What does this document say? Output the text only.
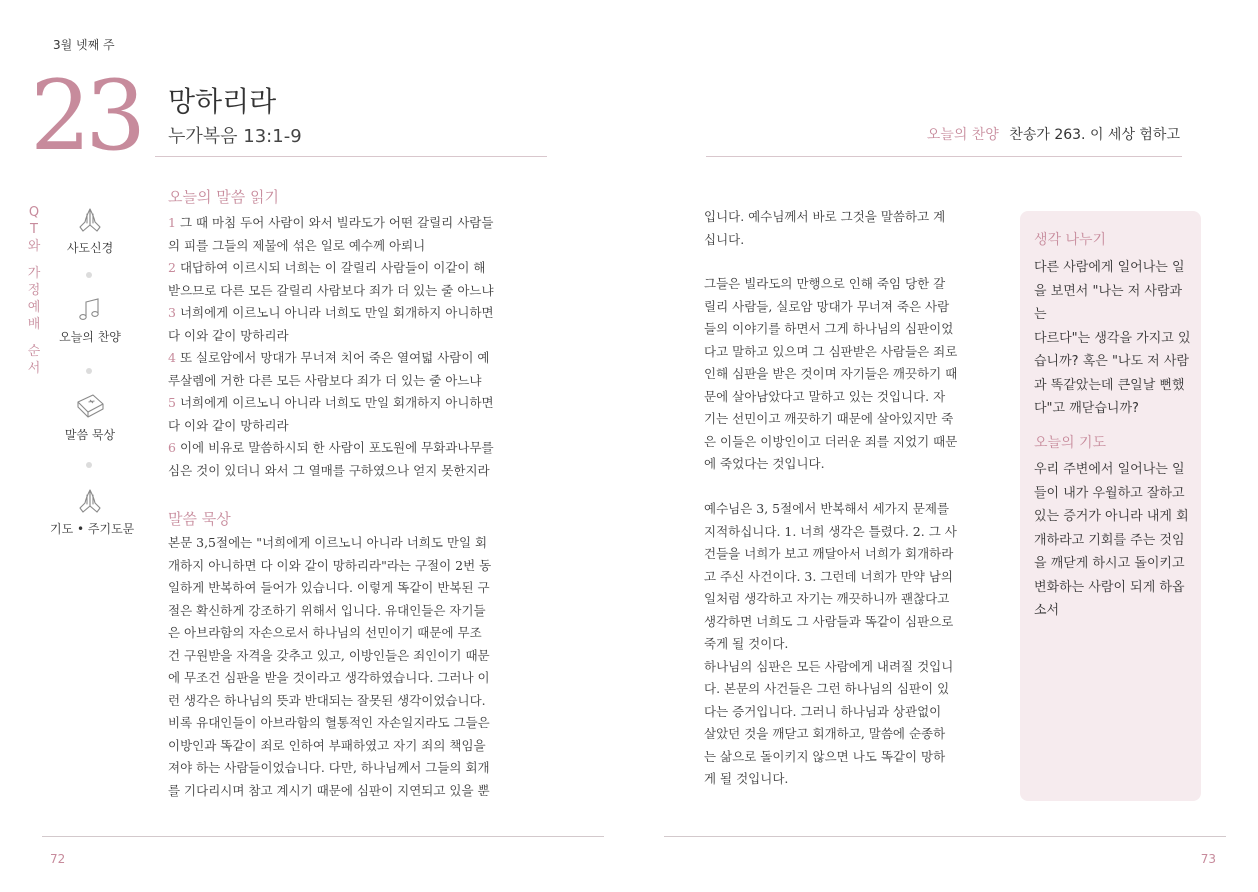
3월 넷째 주
23 망하리라
누가복음 13:1-9	오늘의 찬양 찬송가 263. 이 세상 험하고
Q
T
와
가
정
예
배
순
서
사도신경
오늘의 찬양
말씀 묵상
기도 • 주기도문
오늘의 말씀 읽기
1 그 때 마침 두어 사람이 와서 빌라도가 어떤 갈릴리 사람들
의 피를 그들의 제물에 섞은 일로 예수께 아뢰니
2 대답하여 이르시되 너희는 이 갈릴리 사람들이 이같이 해
받으므로 다른 모든 갈릴리 사람보다 죄가 더 있는 줄 아느냐
3 너희에게 이르노니 아니라 너희도 만일 회개하지 아니하면
다 이와 같이 망하리라
4 또 실로암에서 망대가 무너져 치어 죽은 열여덟 사람이 예
루살렘에 거한 다른 모든 사람보다 죄가 더 있는 줄 아느냐
5 너희에게 이르노니 아니라 너희도 만일 회개하지 아니하면
다 이와 같이 망하리라
6 이에 비유로 말씀하시되 한 사람이 포도원에 무화과나무를
심은 것이 있더니 와서 그 열매를 구하였으나 얻지 못한지라
말씀 묵상
본문 3,5절에는 "너희에게 이르노니 아니라 너희도 만일 회
개하지 아니하면 다 이와 같이 망하리라"라는 구절이 2번 동
일하게 반복하여 들어가 있습니다. 이렇게 똑같이 반복된 구
절은 확신하게 강조하기 위해서 입니다. 유대인들은 자기들
은 아브라함의 자손으로서 하나님의 선민이기 때문에 무조
건 구원받을 자격을 갖추고 있고, 이방인들은 죄인이기 때문
에 무조건 심판을 받을 것이라고 생각하였습니다. 그러나 이
런 생각은 하나님의 뜻과 반대되는 잘못된 생각이었습니다.
비록 유대인들이 아브라함의 혈통적인 자손일지라도 그들은
이방인과 똑같이 죄로 인하여 부패하였고 자기 죄의 책임을
져야 하는 사람들이었습니다. 다만, 하나님께서 그들의 회개
를 기다리시며 참고 계시기 때문에 심판이 지연되고 있을 뿐
입니다. 예수님께서 바로 그것을 말씀하고 계
십니다.
그들은 빌라도의 만행으로 인해 죽임 당한 갈
릴리 사람들, 실로암 망대가 무너져 죽은 사람
들의 이야기를 하면서 그게 하나님의 심판이었
다고 말하고 있으며 그 심판받은 사람들은 죄로
인해 심판을 받은 것이며 자기들은 깨끗하기 때
문에 살아남았다고 말하고 있는 것입니다. 자
기는 선민이고 깨끗하기 때문에 살아있지만 죽
은 이들은 이방인이고 더러운 죄를 지었기 때문
에 죽었다는 것입니다.
예수님은 3, 5절에서 반복해서 세가지 문제를
지적하십니다. 1. 너희 생각은 틀렸다. 2. 그 사
건들을 너희가 보고 깨달아서 너희가 회개하라
고 주신 사건이다. 3. 그런데 너희가 만약 남의
일처럼 생각하고 자기는 깨끗하니까 괜찮다고
생각하면 너희도 그 사람들과 똑같이 심판으로
죽게 될 것이다.
하나님의 심판은 모든 사람에게 내려질 것입니
다. 본문의 사건들은 그런 하나님의 심판이 있
다는 증거입니다. 그러니 하나님과 상관없이
살았던 것을 깨닫고 회개하고, 말씀에 순종하
는 삶으로 돌이키지 않으면 나도 똑같이 망하
게 될 것입니다.
생각 나누기
다른 사람에게 일어나는 일
을 보면서 "나는 저 사람과는
다르다"는 생각을 가지고 있
습니까? 혹은 "나도 저 사람
과 똑같았는데 큰일날 뻔했
다"고 깨닫습니까?
오늘의 기도
우리 주변에서 일어나는 일
들이 내가 우월하고 잘하고
있는 증거가 아니라 내게 회
개하라고 기회를 주는 것임
을 깨닫게 하시고 돌이키고
변화하는 사람이 되게 하옵
소서
72	73
